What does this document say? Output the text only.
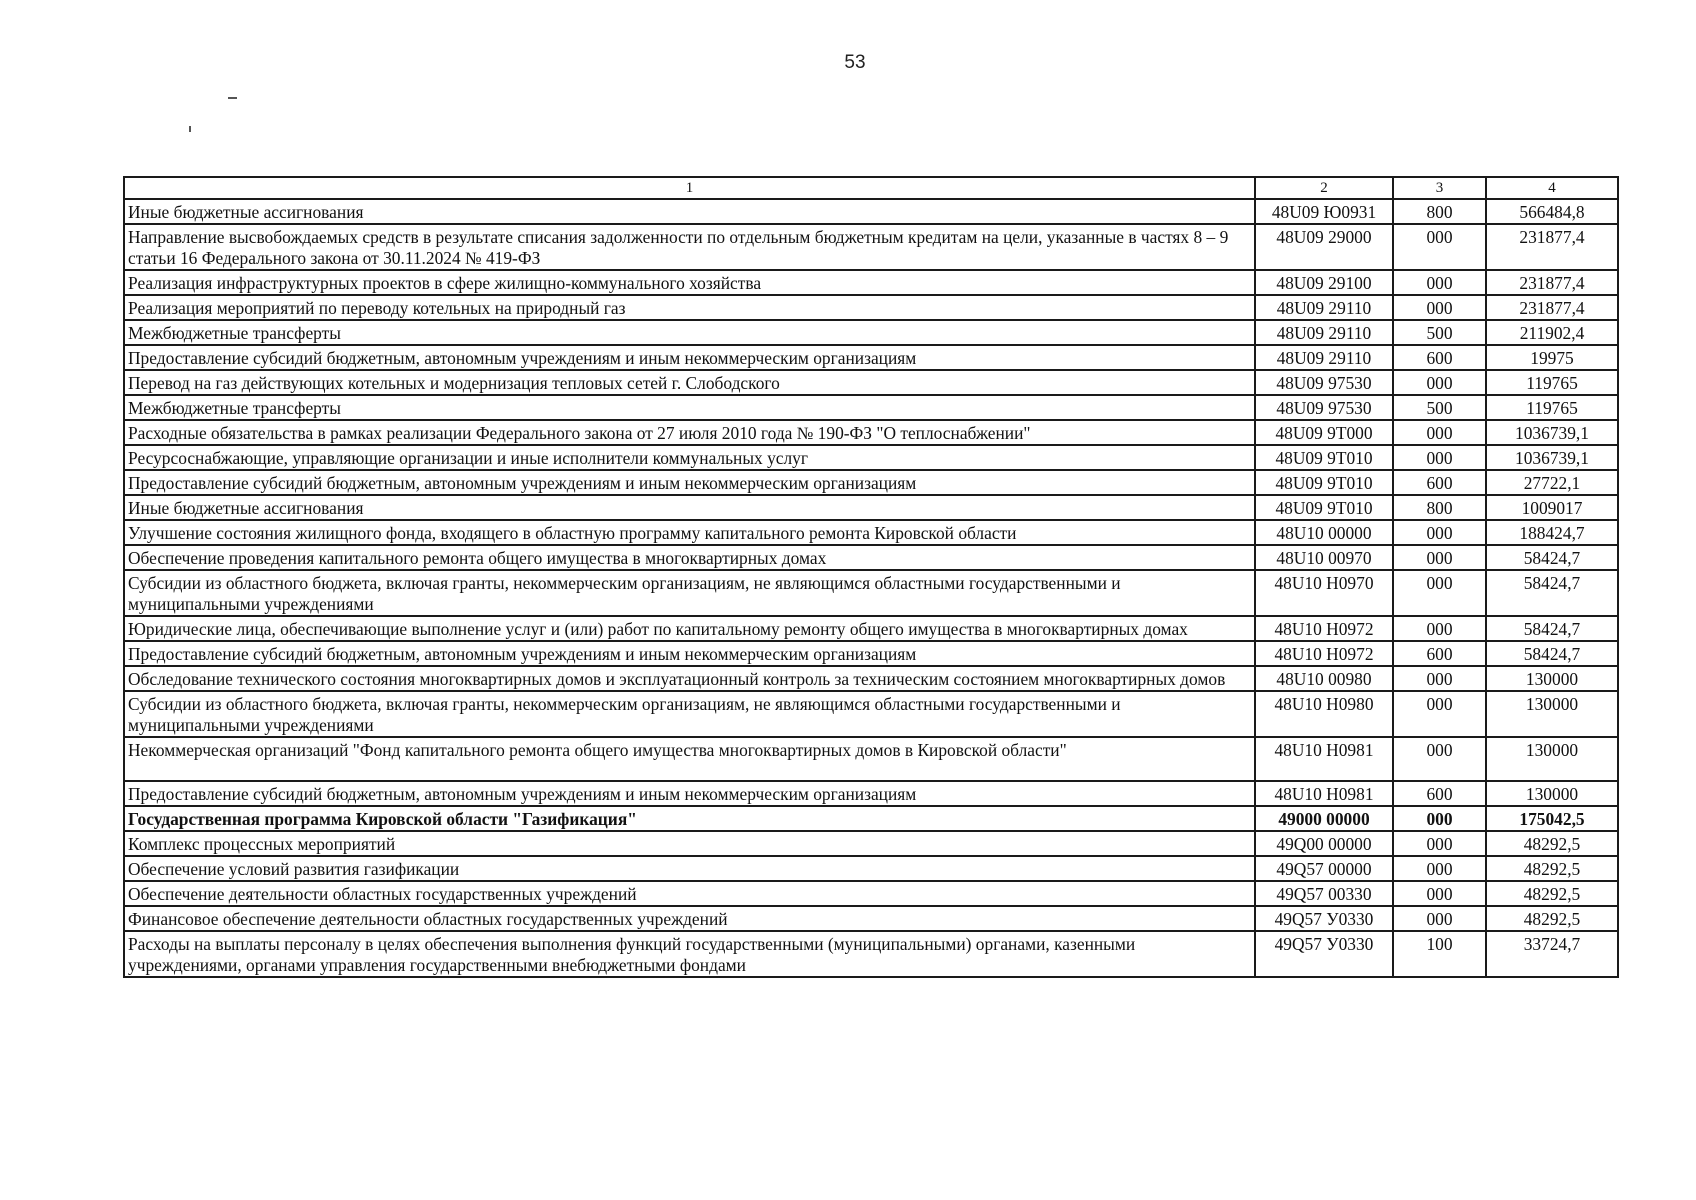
53
1	2	3	4
Иные бюджетные ассигнования	48U09 Ю0931	800	566484,8
Направление высвобождаемых средств в результате списания задолженности по отдельным бюджетным кредитам на цели, указанные в частях 8 – 9 статьи 16 Федерального закона от 30.11.2024 № 419-ФЗ	48U09 29000	000	231877,4
Реализация инфраструктурных проектов в сфере жилищно-коммунального хозяйства	48U09 29100	000	231877,4
Реализация мероприятий по переводу котельных на природный газ	48U09 29110	000	231877,4
Межбюджетные трансферты	48U09 29110	500	211902,4
Предоставление субсидий бюджетным, автономным учреждениям и иным некоммерческим организациям	48U09 29110	600	19975
Перевод на газ действующих котельных и модернизация тепловых сетей г. Слободского	48U09 97530	000	119765
Межбюджетные трансферты	48U09 97530	500	119765
Расходные обязательства в рамках реализации Федерального закона от 27 июля 2010 года № 190-ФЗ "О теплоснабжении"	48U09 9Т000	000	1036739,1
Ресурсоснабжающие, управляющие организации и иные исполнители коммунальных услуг	48U09 9Т010	000	1036739,1
Предоставление субсидий бюджетным, автономным учреждениям и иным некоммерческим организациям	48U09 9Т010	600	27722,1
Иные бюджетные ассигнования	48U09 9Т010	800	1009017
Улучшение состояния жилищного фонда, входящего в областную программу капитального ремонта Кировской области	48U10 00000	000	188424,7
Обеспечение проведения капитального ремонта общего имущества в многоквартирных домах	48U10 00970	000	58424,7
Субсидии из областного бюджета, включая гранты, некоммерческим организациям, не являющимся областными государственными и муниципальными учреждениями	48U10 Н0970	000	58424,7
Юридические лица, обеспечивающие выполнение услуг и (или) работ по капитальному ремонту общего имущества в многоквартирных домах	48U10 Н0972	000	58424,7
Предоставление субсидий бюджетным, автономным учреждениям и иным некоммерческим организациям	48U10 Н0972	600	58424,7
Обследование технического состояния многоквартирных домов и эксплуатационный контроль за техническим состоянием многоквартирных домов	48U10 00980	000	130000
Субсидии из областного бюджета, включая гранты, некоммерческим организациям, не являющимся областными государственными и муниципальными учреждениями	48U10 Н0980	000	130000
Некоммерческая организаций "Фонд капитального ремонта общего имущества многоквартирных домов в Кировской области"	48U10 Н0981	000	130000
Предоставление субсидий бюджетным, автономным учреждениям и иным некоммерческим организациям	48U10 Н0981	600	130000
Государственная программа Кировской области "Газификация"	49000 00000	000	175042,5
Комплекс процессных мероприятий	49Q00 00000	000	48292,5
Обеспечение условий развития газификации	49Q57 00000	000	48292,5
Обеспечение деятельности областных государственных учреждений	49Q57 00330	000	48292,5
Финансовое обеспечение деятельности областных государственных учреждений	49Q57 У0330	000	48292,5
Расходы на выплаты персоналу в целях обеспечения выполнения функций государственными (муниципальными) органами, казенными учреждениями, органами управления государственными внебюджетными фондами	49Q57 У0330	100	33724,7
